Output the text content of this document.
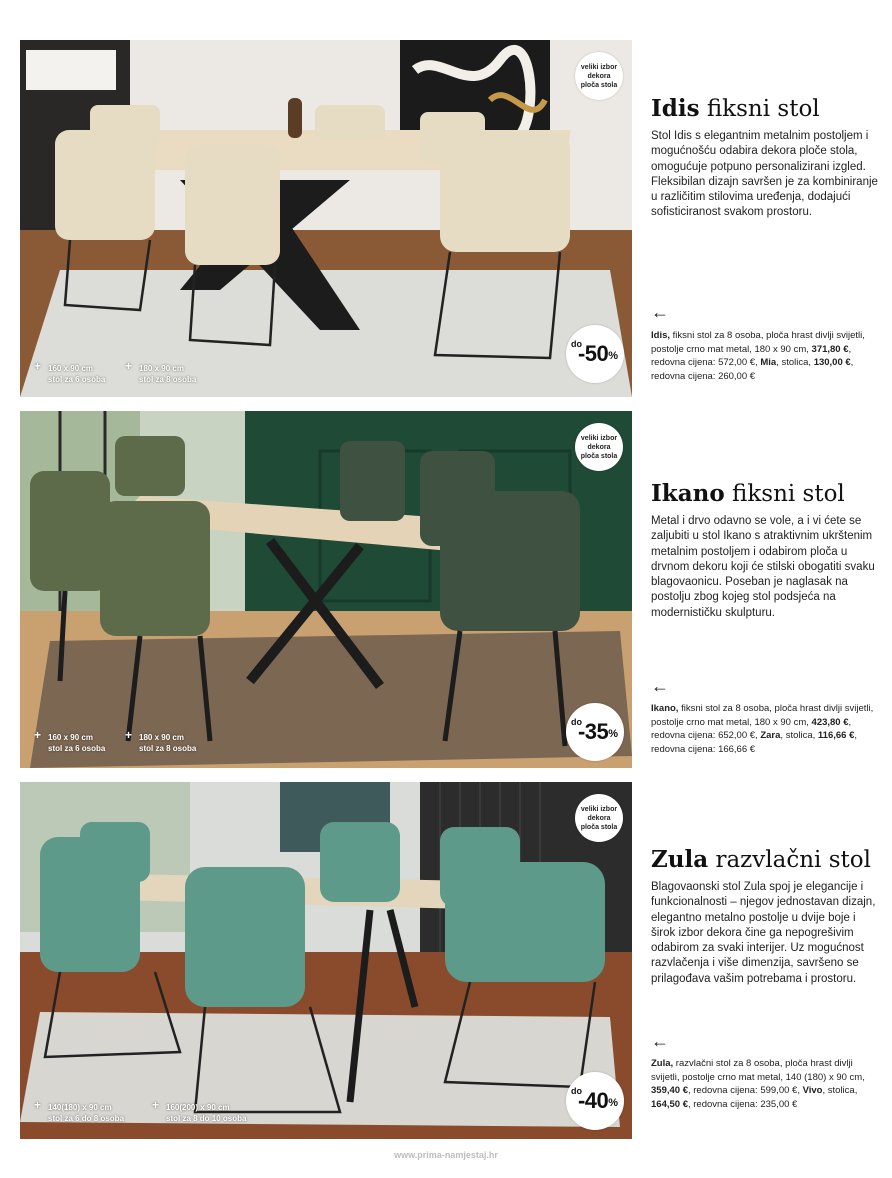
veliki izbor dekora ploča stola
do
-50 %
+ 160 x 90 cm
stol za 6 osoba
+ 180 x 90 cm
stol za 8 osoba
Idis fiksni stol
Stol Idis s elegantnim metalnim postoljem i mogućnošću odabira dekora ploče stola, omogućuje potpuno personalizirani izgled. Fleksibilan dizajn savršen je za kombiniranje u različitim stilovima uređenja, dodajući sofisticiranost svakom prostoru.
←
Idis, fiksni stol za 8 osoba, ploča hrast divlji svijetli, postolje crno mat metal, 180 x 90 cm, 371,80 €, redovna cijena: 572,00 €, Mia, stolica, 130,00 €, redovna cijena: 260,00 €
veliki izbor dekora ploča stola
do
-35 %
+ 160 x 90 cm
stol za 6 osoba
+ 180 x 90 cm
stol za 8 osoba
Ikano fiksni stol
Metal i drvo odavno se vole, a i vi ćete se zaljubiti u stol Ikano s atraktivnim ukrštenim metalnim postoljem i odabirom ploča u drvnom dekoru koji će stilski obogatiti svaku blagovaonicu. Poseban je naglasak na postolju zbog kojeg stol podsjeća na modernističku skulpturu.
←
Ikano, fiksni stol za 8 osoba, ploča hrast divlji svijetli, postolje crno mat metal, 180 x 90 cm, 423,80 €, redovna cijena: 652,00 €, Zara, stolica, 116,66 €, redovna cijena: 166,66 €
veliki izbor dekora ploča stola
do
-40 %
+ 140(180) x 90 cm
stol za 6 do 8 osoba
+ 160(200) x 90 cm
stol za 8 do 10 osoba
Zula razvlačni stol
Blagovaonski stol Zula spoj je elegancije i funkcionalnosti – njegov jednostavan dizajn, elegantno metalno postolje u dvije boje i širok izbor dekora čine ga nepogrešivim odabirom za svaki interijer. Uz mogućnost razvlačenja i više dimenzija, savršeno se prilagođava vašim potrebama i prostoru.
←
Zula, razvlačni stol za 8 osoba, ploča hrast divlji svijetli, postolje crno mat metal, 140 (180) x 90 cm, 359,40 €, redovna cijena: 599,00 €, Vivo, stolica, 164,50 €, redovna cijena: 235,00 €
www.prima-namjestaj.hr
